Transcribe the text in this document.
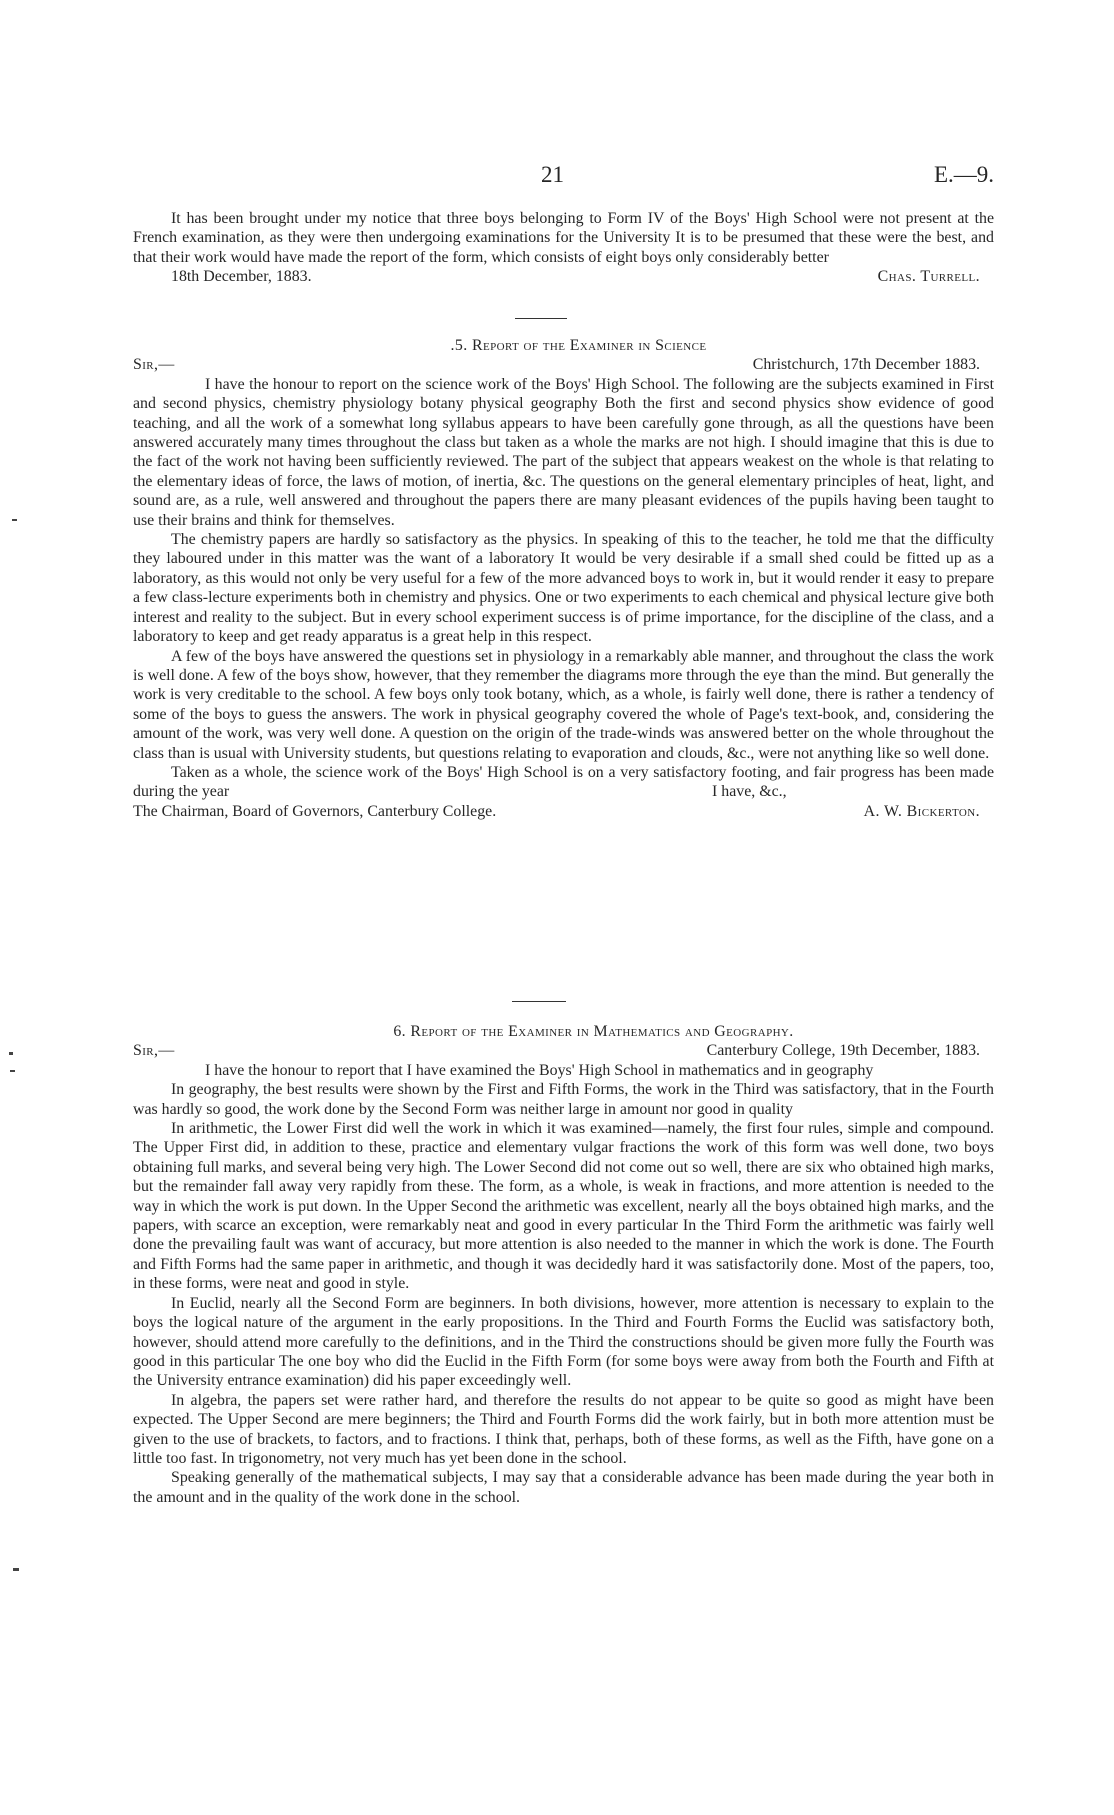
21	E.—9.

It has been brought under my notice that three boys belonging to Form IV of the Boys' High School were not present at the French examination, as they were then undergoing examinations for the University It is to be presumed that these were the best, and that their work would have made the report of the form, which consists of eight boys only considerably better

18th December, 1883.	Chas. Turrell.
.5. Report of the Examiner in Science
Sir,—	Christchurch, 17th December 1883.

I have the honour to report on the science work of the Boys' High School. The following are the subjects examined in First and second physics, chemistry physiology botany physical geography Both the first and second physics show evidence of good teaching, and all the work of a somewhat long syllabus appears to have been carefully gone through, as all the questions have been answered accurately many times throughout the class but taken as a whole the marks are not high. I should imagine that this is due to the fact of the work not having been sufficiently reviewed. The part of the subject that appears weakest on the whole is that relating to the elementary ideas of force, the laws of motion, of inertia, &c. The questions on the general elementary principles of heat, light, and sound are, as a rule, well answered and throughout the papers there are many pleasant evidences of the pupils having been taught to use their brains and think for themselves.

The chemistry papers are hardly so satisfactory as the physics. In speaking of this to the teacher, he told me that the difficulty they laboured under in this matter was the want of a laboratory It would be very desirable if a small shed could be fitted up as a laboratory, as this would not only be very useful for a few of the more advanced boys to work in, but it would render it easy to prepare a few class-lecture experiments both in chemistry and physics. One or two experiments to each chemical and physical lecture give both interest and reality to the subject. But in every school experiment success is of prime importance, for the discipline of the class, and a laboratory to keep and get ready apparatus is a great help in this respect.

A few of the boys have answered the questions set in physiology in a remarkably able manner, and throughout the class the work is well done. A few of the boys show, however, that they remember the diagrams more through the eye than the mind. But generally the work is very creditable to the school. A few boys only took botany, which, as a whole, is fairly well done, there is rather a tendency of some of the boys to guess the answers. The work in physical geography covered the whole of Page's text-book, and, considering the amount of the work, was very well done. A question on the origin of the trade-winds was answered better on the whole throughout the class than is usual with University students, but questions relating to evaporation and clouds, &c., were not anything like so well done.

Taken as a whole, the science work of the Boys' High School is on a very satisfactory footing, and fair progress has been made during the year	I have, &c.,
The Chairman, Board of Governors, Canterbury College.	A. W. Bickerton.
6. Report of the Examiner in Mathematics and Geography.
Sir,—	Canterbury College, 19th December, 1883.

I have the honour to report that I have examined the Boys' High School in mathematics and in geography

In geography, the best results were shown by the First and Fifth Forms, the work in the Third was satisfactory, that in the Fourth was hardly so good, the work done by the Second Form was neither large in amount nor good in quality

In arithmetic, the Lower First did well the work in which it was examined—namely, the first four rules, simple and compound. The Upper First did, in addition to these, practice and elementary vulgar fractions the work of this form was well done, two boys obtaining full marks, and several being very high. The Lower Second did not come out so well, there are six who obtained high marks, but the remainder fall away very rapidly from these. The form, as a whole, is weak in fractions, and more attention is needed to the way in which the work is put down. In the Upper Second the arithmetic was excellent, nearly all the boys obtained high marks, and the papers, with scarce an exception, were remarkably neat and good in every particular In the Third Form the arithmetic was fairly well done the prevailing fault was want of accuracy, but more attention is also needed to the manner in which the work is done. The Fourth and Fifth Forms had the same paper in arithmetic, and though it was decidedly hard it was satisfactorily done. Most of the papers, too, in these forms, were neat and good in style.

In Euclid, nearly all the Second Form are beginners. In both divisions, however, more attention is necessary to explain to the boys the logical nature of the argument in the early propositions. In the Third and Fourth Forms the Euclid was satisfactory both, however, should attend more carefully to the definitions, and in the Third the constructions should be given more fully the Fourth was good in this particular The one boy who did the Euclid in the Fifth Form (for some boys were away from both the Fourth and Fifth at the University entrance examination) did his paper exceedingly well.

In algebra, the papers set were rather hard, and therefore the results do not appear to be quite so good as might have been expected. The Upper Second are mere beginners; the Third and Fourth Forms did the work fairly, but in both more attention must be given to the use of brackets, to factors, and to fractions. I think that, perhaps, both of these forms, as well as the Fifth, have gone on a little too fast. In trigonometry, not very much has yet been done in the school.

Speaking generally of the mathematical subjects, I may say that a considerable advance has been made during the year both in the amount and in the quality of the work done in the school.
